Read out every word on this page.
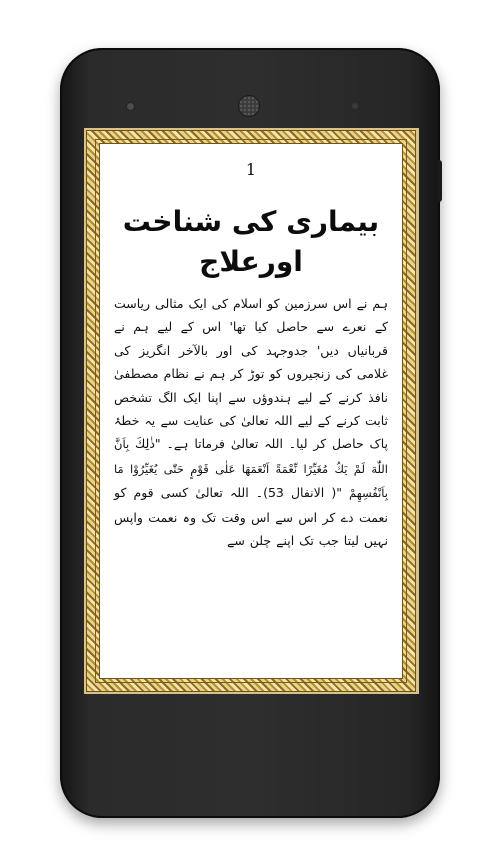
1
بیماری کی شناخت
اورعلاج
ہم نے اس سرزمین کو اسلام کی ایک مثالی ریاست کے نعرے سے حاصل کیا تھا' اس کے لیے ہم نے قربانیاں دیں' جدوجہد کی اور بالآخر انگریز کی غلامی کی زنجیروں کو توڑ کر ہم نے نظام مصطفیٰ نافذ کرنے کے لیے ہندوؤں سے اپنا ایک الگ تشخص ثابت کرنے کے لیے اللہ تعالیٰ کی عنایت سے یہ خطۂ پاک حاصل کر لیا۔ اللہ تعالیٰ فرماتا ہے۔ "ذٰلِكَ بِاَنَّ اللّٰهَ لَمْ یَكُ مُغَیِّرًا نِّعْمَةً اَنْعَمَهَا عَلٰى قَوْمٍ حَتّٰى یُغَیِّرُوْا مَا بِاَنْفُسِهِمْ "( الانفال 53)۔ اللہ تعالیٰ کسی قوم کو نعمت دے کر اس سے اس وقت تک وہ نعمت واپس نہیں لیتا جب تک اپنے چلن سے
